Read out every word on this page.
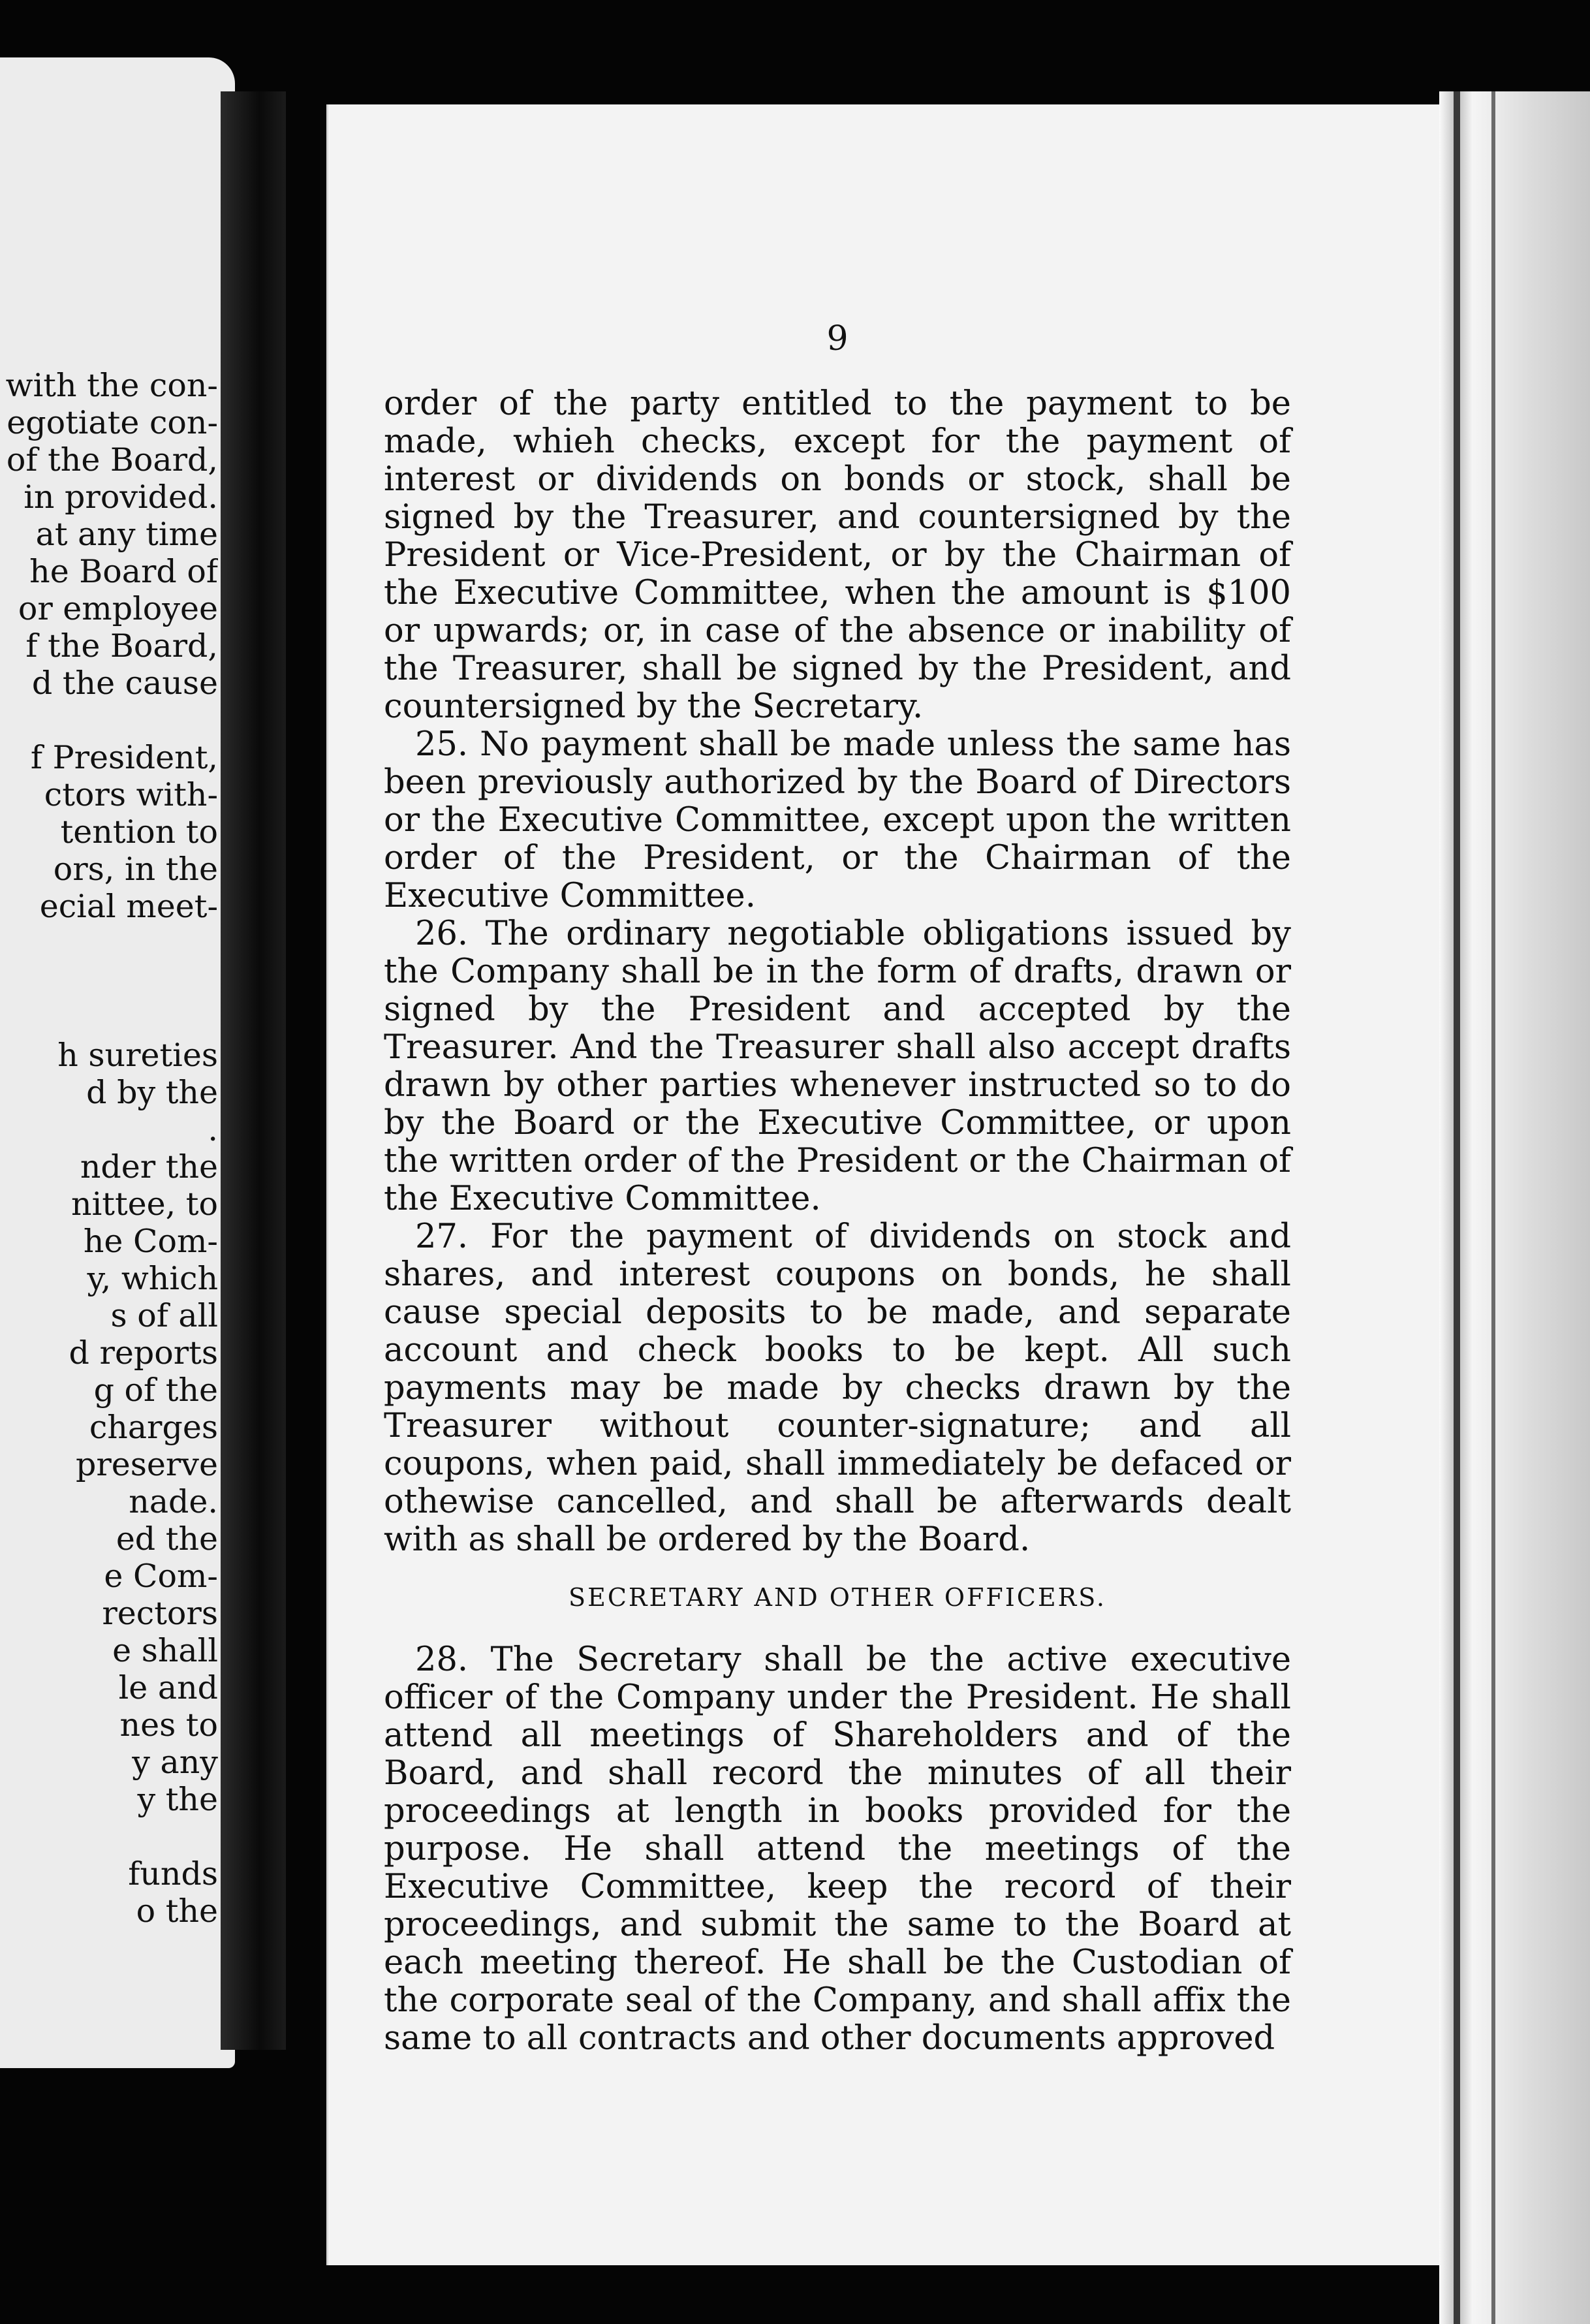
with the con-
egotiate con-
of the Board,
in provided.
at any time
he Board of
or employee
f the Board,
d the cause

f President,
ctors with-
tention to
ors, in the
ecial meet-

h sureties
d by the
.
nder the
nittee, to
he Com-
y, which
s of all
d reports
g of the
charges
preserve
nade.
ed the
e Com-
rectors
e shall
le and
nes to
y any
y the

funds
o the
9

order of the party entitled to the payment to be made, whieh checks, except for the payment of interest or dividends on bonds or stock, shall be signed by the Treasurer, and countersigned by the President or Vice-President, or by the Chairman of the Executive Committee, when the amount is $100 or upwards; or, in case of the absence or inability of the Treasurer, shall be signed by the President, and countersigned by the Secretary.

25. No payment shall be made unless the same has been previously authorized by the Board of Directors or the Executive Committee, except upon the written order of the President, or the Chairman of the Executive Committee.

26. The ordinary negotiable obligations issued by the Company shall be in the form of drafts, drawn or signed by the President and accepted by the Treasurer. And the Treasurer shall also accept drafts drawn by other parties whenever instructed so to do by the Board or the Executive Committee, or upon the written order of the President or the Chairman of the Executive Committee.

27. For the payment of dividends on stock and shares, and interest coupons on bonds, he shall cause special deposits to be made, and separate account and check books to be kept. All such payments may be made by checks drawn by the Treasurer without counter-signature; and all coupons, when paid, shall immediately be defaced or othewise cancelled, and shall be afterwards dealt with as shall be ordered by the Board.

SECRETARY AND OTHER OFFICERS.

28. The Secretary shall be the active executive officer of the Company under the President. He shall attend all meetings of Shareholders and of the Board, and shall record the minutes of all their proceedings at length in books provided for the purpose. He shall attend the meetings of the Executive Committee, keep the record of their proceedings, and submit the same to the Board at each meeting thereof. He shall be the Custodian of the corporate seal of the Company, and shall affix the same to all contracts and other documents approved
